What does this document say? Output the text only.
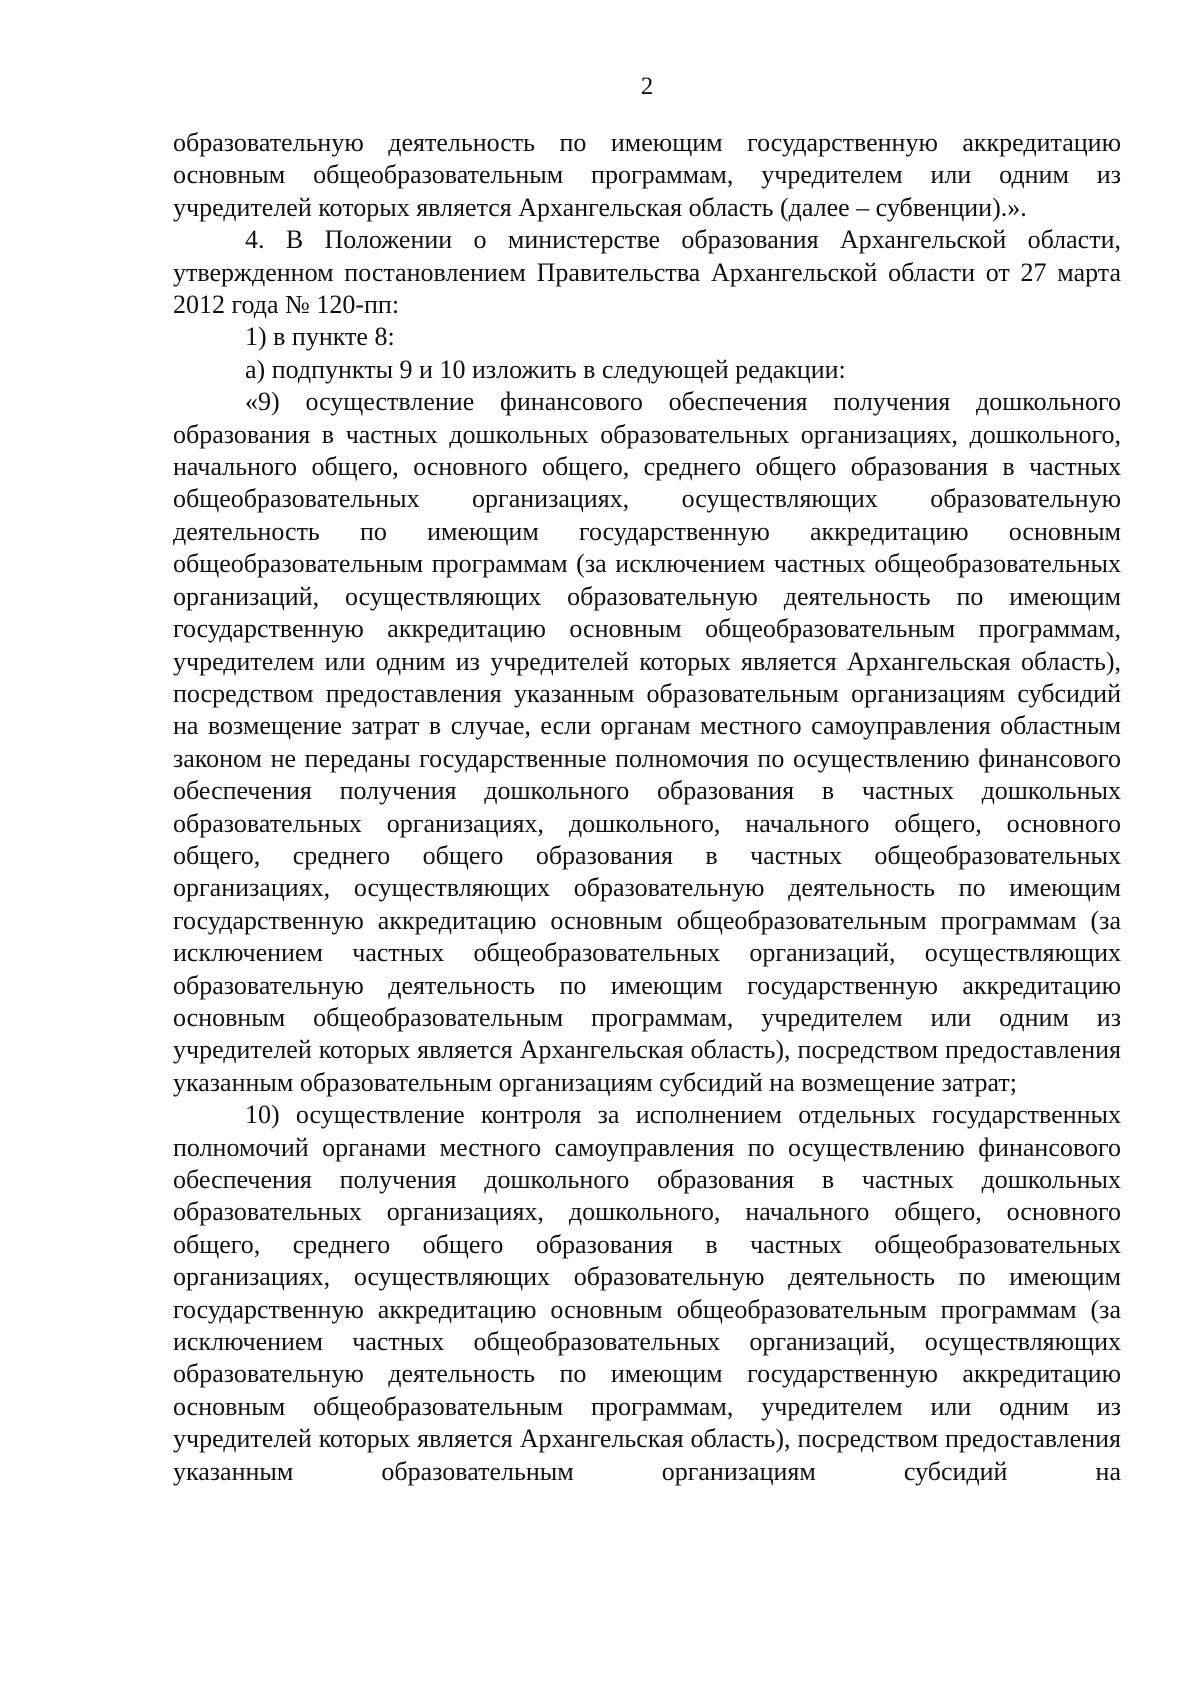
2

образовательную деятельность по имеющим государственную аккредитацию основным общеобразовательным программам, учредителем или одним из учредителей которых является Архангельская область (далее – субвенции).».

4. В Положении о министерстве образования Архангельской области, утвержденном постановлением Правительства Архангельской области от 27 марта 2012 года № 120-пп:

1) в пункте 8:

а) подпункты 9 и 10 изложить в следующей редакции:

«9) осуществление финансового обеспечения получения дошкольного образования в частных дошкольных образовательных организациях, дошкольного, начального общего, основного общего, среднего общего образования в частных общеобразовательных организациях, осуществляющих образовательную деятельность по имеющим государственную аккредитацию основным общеобразовательным программам (за исключением частных общеобразовательных организаций, осуществляющих образовательную деятельность по имеющим государственную аккредитацию основным общеобразовательным программам, учредителем или одним из учредителей которых является Архангельская область), посредством предоставления указанным образовательным организациям субсидий на возмещение затрат в случае, если органам местного самоуправления областным законом не переданы государственные полномочия по осуществлению финансового обеспечения получения дошкольного образования в частных дошкольных образовательных организациях, дошкольного, начального общего, основного общего, среднего общего образования в частных общеобразовательных организациях, осуществляющих образовательную деятельность по имеющим государственную аккредитацию основным общеобразовательным программам (за исключением частных общеобразовательных организаций, осуществляющих образовательную деятельность по имеющим государственную аккредитацию основным общеобразовательным программам, учредителем или одним из учредителей которых является Архангельская область), посредством предоставления указанным образовательным организациям субсидий на возмещение затрат;

10) осуществление контроля за исполнением отдельных государственных полномочий органами местного самоуправления по осуществлению финансового обеспечения получения дошкольного образования в частных дошкольных образовательных организациях, дошкольного, начального общего, основного общего, среднего общего образования в частных общеобразовательных организациях, осуществляющих образовательную деятельность по имеющим государственную аккредитацию основным общеобразовательным программам (за исключением частных общеобразовательных организаций, осуществляющих образовательную деятельность по имеющим государственную аккредитацию основным общеобразовательным программам, учредителем или одним из учредителей которых является Архангельская область), посредством предоставления указанным образовательным организациям субсидий на
